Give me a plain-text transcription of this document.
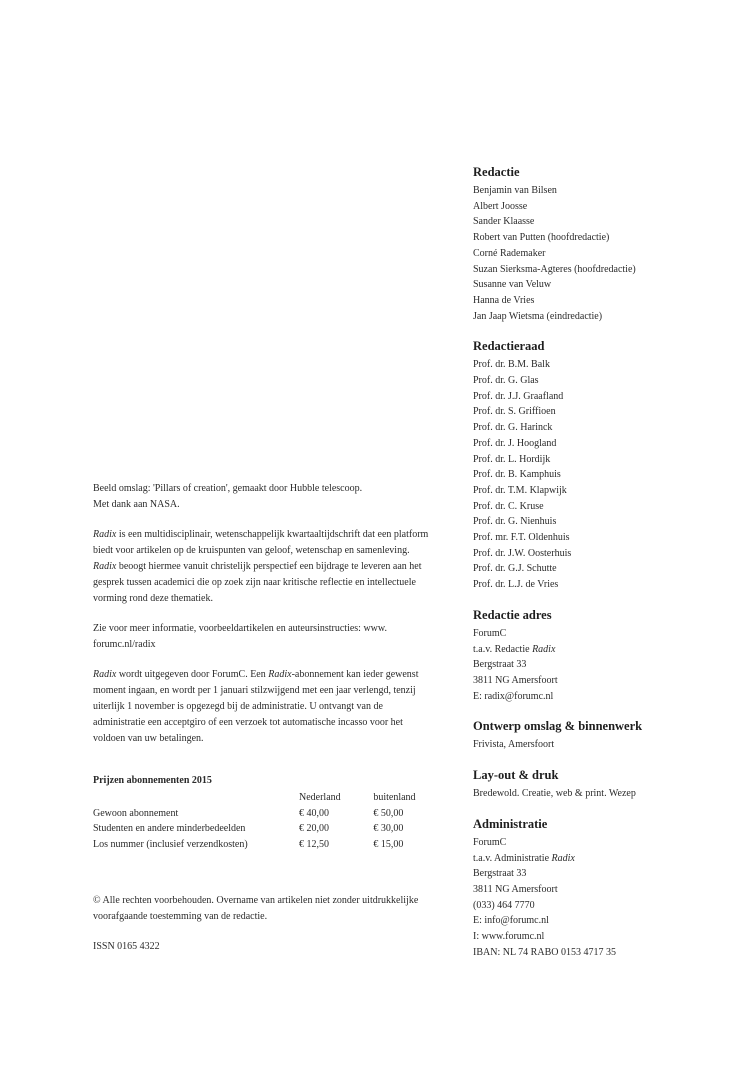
Redactie
Benjamin van Bilsen
Albert Joosse
Sander Klaasse
Robert van Putten (hoofdredactie)
Corné Rademaker
Suzan Sierksma-Agteres (hoofdredactie)
Susanne van Veluw
Hanna de Vries
Jan Jaap Wietsma (eindredactie)
Redactieraad
Prof. dr. B.M. Balk
Prof. dr. G. Glas
Prof. dr. J.J. Graafland
Prof. dr. S. Griffioen
Prof. dr. G. Harinck
Prof. dr. J. Hoogland
Prof. dr. L. Hordijk
Prof. dr. B. Kamphuis
Prof. dr. T.M. Klapwijk
Prof. dr. C. Kruse
Prof. dr. G. Nienhuis
Prof. mr. F.T. Oldenhuis
Prof. dr. J.W. Oosterhuis
Prof. dr. G.J. Schutte
Prof. dr. L.J. de Vries
Redactie adres
ForumC
t.a.v. Redactie Radix
Bergstraat 33
3811 NG Amersfoort
E: radix@forumc.nl
Ontwerp omslag & binnenwerk
Frivista, Amersfoort
Lay-out & druk
Bredewold. Creatie, web & print. Wezep
Administratie
ForumC
t.a.v. Administratie Radix
Bergstraat 33
3811 NG Amersfoort
(033) 464 7770
E: info@forumc.nl
I: www.forumc.nl
IBAN: NL 74 RABO 0153 4717 35

Beeld omslag: 'Pillars of creation', gemaakt door Hubble telescoop.
Met dank aan NASA.

Radix is een multidisciplinair, wetenschappelijk kwartaaltijdschrift dat een platform biedt voor artikelen op de kruispunten van geloof, wetenschap en samenleving. Radix beoogt hiermee vanuit christelijk perspectief een bijdrage te leveren aan het gesprek tussen academici die op zoek zijn naar kritische reflectie en intellectuele vorming rond deze thematiek.

Zie voor meer informatie, voorbeeldartikelen en auteursinstructies: www. forumc.nl/radix

Radix wordt uitgegeven door ForumC. Een Radix-abonnement kan ieder gewenst moment ingaan, en wordt per 1 januari stilzwijgend met een jaar verlengd, tenzij uiterlijk 1 november is opgezegd bij de administratie. U ontvangt van de administratie een acceptgiro of een verzoek tot automatische incasso voor het voldoen van uw betalingen.

Prijzen abonnementen 2015
	Nederland	buitenland
Gewoon abonnement	€ 40,00	€ 50,00
Studenten en andere minderbedeelden	€ 20,00	€ 30,00
Los nummer (inclusief verzendkosten)	€ 12,50	€ 15,00

© Alle rechten voorbehouden. Overname van artikelen niet zonder uitdrukkelijke voorafgaande toestemming van de redactie.

ISSN 0165 4322
